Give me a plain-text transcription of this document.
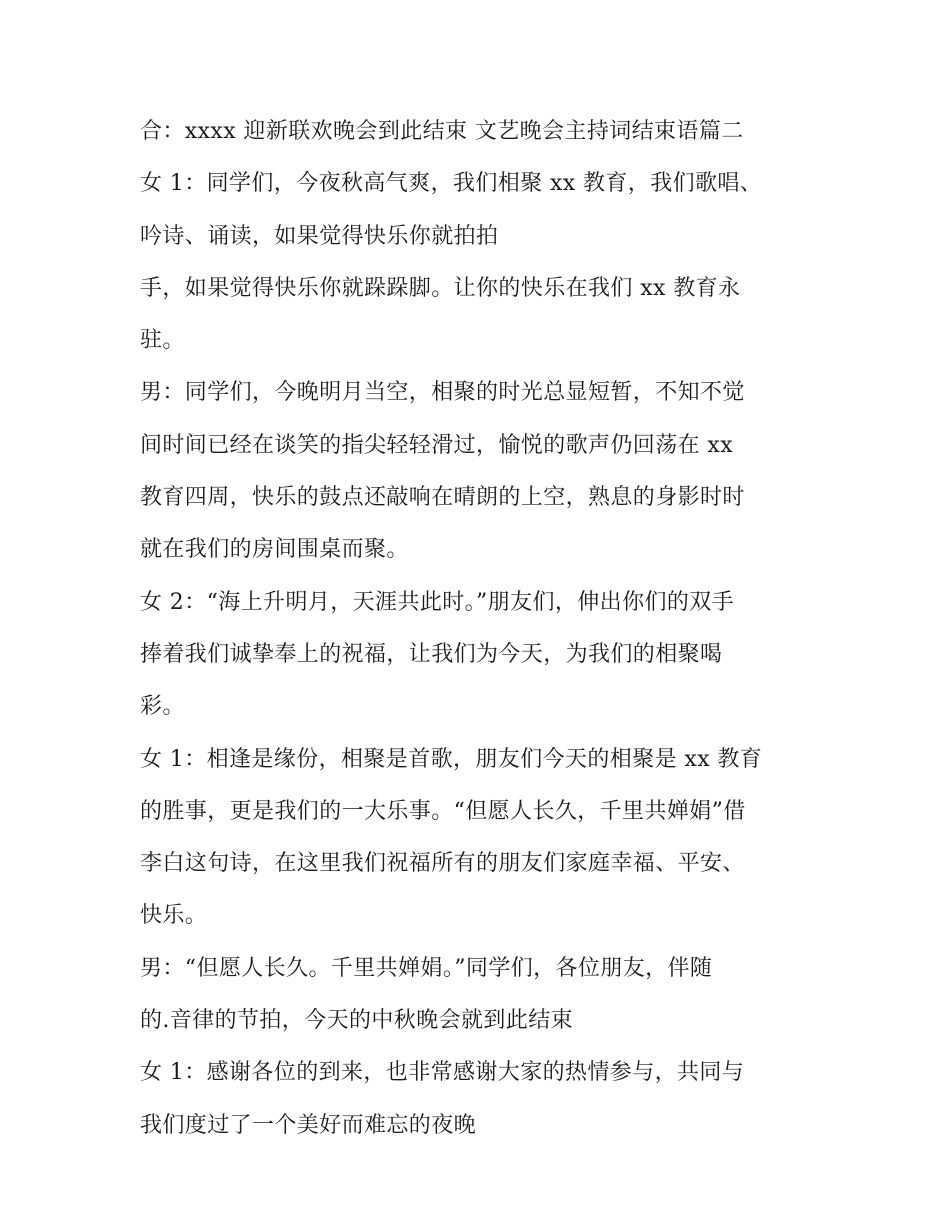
合：xxxx 迎新联欢晚会到此结束 文艺晚会主持词结束语篇二
女 1：同学们，今夜秋高气爽，我们相聚 xx 教育，我们歌唱、
吟诗、诵读，如果觉得快乐你就拍拍
手，如果觉得快乐你就跺跺脚。让你的快乐在我们 xx 教育永
驻。
男：同学们，今晚明月当空，相聚的时光总显短暂，不知不觉
间时间已经在谈笑的指尖轻轻滑过，愉悦的歌声仍回荡在 xx
教育四周，快乐的鼓点还敲响在晴朗的上空，熟息的身影时时
就在我们的房间围桌而聚。
女 2：“海上升明月，天涯共此时。”朋友们，伸出你们的双手
捧着我们诚挚奉上的祝福，让我们为今天，为我们的相聚喝
彩。
女 1：相逢是缘份，相聚是首歌，朋友们今天的相聚是 xx 教育
的胜事，更是我们的一大乐事。“但愿人长久，千里共婵娟”借
李白这句诗，在这里我们祝福所有的朋友们家庭幸福、平安、
快乐。
男：“但愿人长久。千里共婵娟。”同学们，各位朋友，伴随
的.音律的节拍，今天的中秋晚会就到此结束
女 1：感谢各位的到来，也非常感谢大家的热情参与，共同与
我们度过了一个美好而难忘的夜晚
